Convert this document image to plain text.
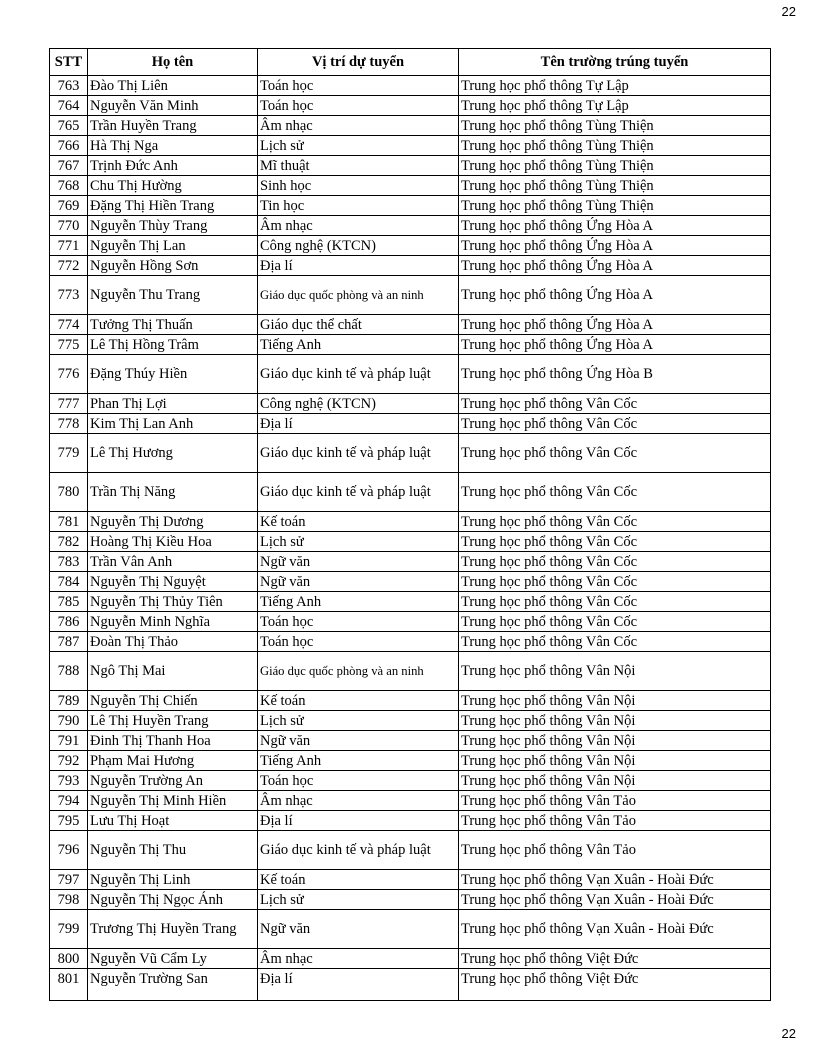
22
STT	Họ tên	Vị trí dự tuyển	Tên trường trúng tuyển
763	Đào Thị Liên	Toán học	Trung học phổ thông Tự Lập
764	Nguyễn Văn Minh	Toán học	Trung học phổ thông Tự Lập
765	Trần Huyền Trang	Âm nhạc	Trung học phổ thông Tùng Thiện
766	Hà Thị Nga	Lịch sử	Trung học phổ thông Tùng Thiện
767	Trịnh Đức Anh	Mĩ thuật	Trung học phổ thông Tùng Thiện
768	Chu Thị Hường	Sinh học	Trung học phổ thông Tùng Thiện
769	Đặng Thị Hiền Trang	Tin học	Trung học phổ thông Tùng Thiện
770	Nguyễn Thùy Trang	Âm nhạc	Trung học phổ thông Ứng Hòa A
771	Nguyễn Thị Lan	Công nghệ (KTCN)	Trung học phổ thông Ứng Hòa A
772	Nguyễn Hồng Sơn	Địa lí	Trung học phổ thông Ứng Hòa A
773	Nguyễn Thu Trang	Giáo dục quốc phòng và an ninh	Trung học phổ thông Ứng Hòa A
774	Tưởng Thị Thuấn	Giáo dục thể chất	Trung học phổ thông Ứng Hòa A
775	Lê Thị Hồng Trâm	Tiếng Anh	Trung học phổ thông Ứng Hòa A
776	Đặng Thúy Hiền	Giáo dục kinh tế và pháp luật	Trung học phổ thông Ứng Hòa B
777	Phan Thị Lợi	Công nghệ (KTCN)	Trung học phổ thông Vân Cốc
778	Kim Thị Lan Anh	Địa lí	Trung học phổ thông Vân Cốc
779	Lê Thị Hương	Giáo dục kinh tế và pháp luật	Trung học phổ thông Vân Cốc
780	Trần Thị Năng	Giáo dục kinh tế và pháp luật	Trung học phổ thông Vân Cốc
781	Nguyễn Thị Dương	Kế toán	Trung học phổ thông Vân Cốc
782	Hoàng Thị Kiều Hoa	Lịch sử	Trung học phổ thông Vân Cốc
783	Trần Vân Anh	Ngữ văn	Trung học phổ thông Vân Cốc
784	Nguyễn Thị Nguyệt	Ngữ văn	Trung học phổ thông Vân Cốc
785	Nguyễn Thị Thủy Tiên	Tiếng Anh	Trung học phổ thông Vân Cốc
786	Nguyễn Minh Nghĩa	Toán học	Trung học phổ thông Vân Cốc
787	Đoàn Thị Thảo	Toán học	Trung học phổ thông Vân Cốc
788	Ngô Thị Mai	Giáo dục quốc phòng và an ninh	Trung học phổ thông Vân Nội
789	Nguyễn Thị Chiến	Kế toán	Trung học phổ thông Vân Nội
790	Lê Thị Huyền Trang	Lịch sử	Trung học phổ thông Vân Nội
791	Đinh Thị Thanh Hoa	Ngữ văn	Trung học phổ thông Vân Nội
792	Phạm Mai Hương	Tiếng Anh	Trung học phổ thông Vân Nội
793	Nguyễn Trường An	Toán học	Trung học phổ thông Vân Nội
794	Nguyễn Thị Minh Hiền	Âm nhạc	Trung học phổ thông Vân Tảo
795	Lưu Thị Hoạt	Địa lí	Trung học phổ thông Vân Tảo
796	Nguyễn Thị Thu	Giáo dục kinh tế và pháp luật	Trung học phổ thông Vân Tảo
797	Nguyễn Thị Linh	Kế toán	Trung học phổ thông Vạn Xuân - Hoài Đức
798	Nguyễn Thị Ngọc Ánh	Lịch sử	Trung học phổ thông Vạn Xuân - Hoài Đức
799	Trương Thị Huyền Trang	Ngữ văn	Trung học phổ thông Vạn Xuân - Hoài Đức
800	Nguyễn Vũ Cẩm Ly	Âm nhạc	Trung học phổ thông Việt Đức
801	Nguyễn Trường San	Địa lí	Trung học phổ thông Việt Đức
22
